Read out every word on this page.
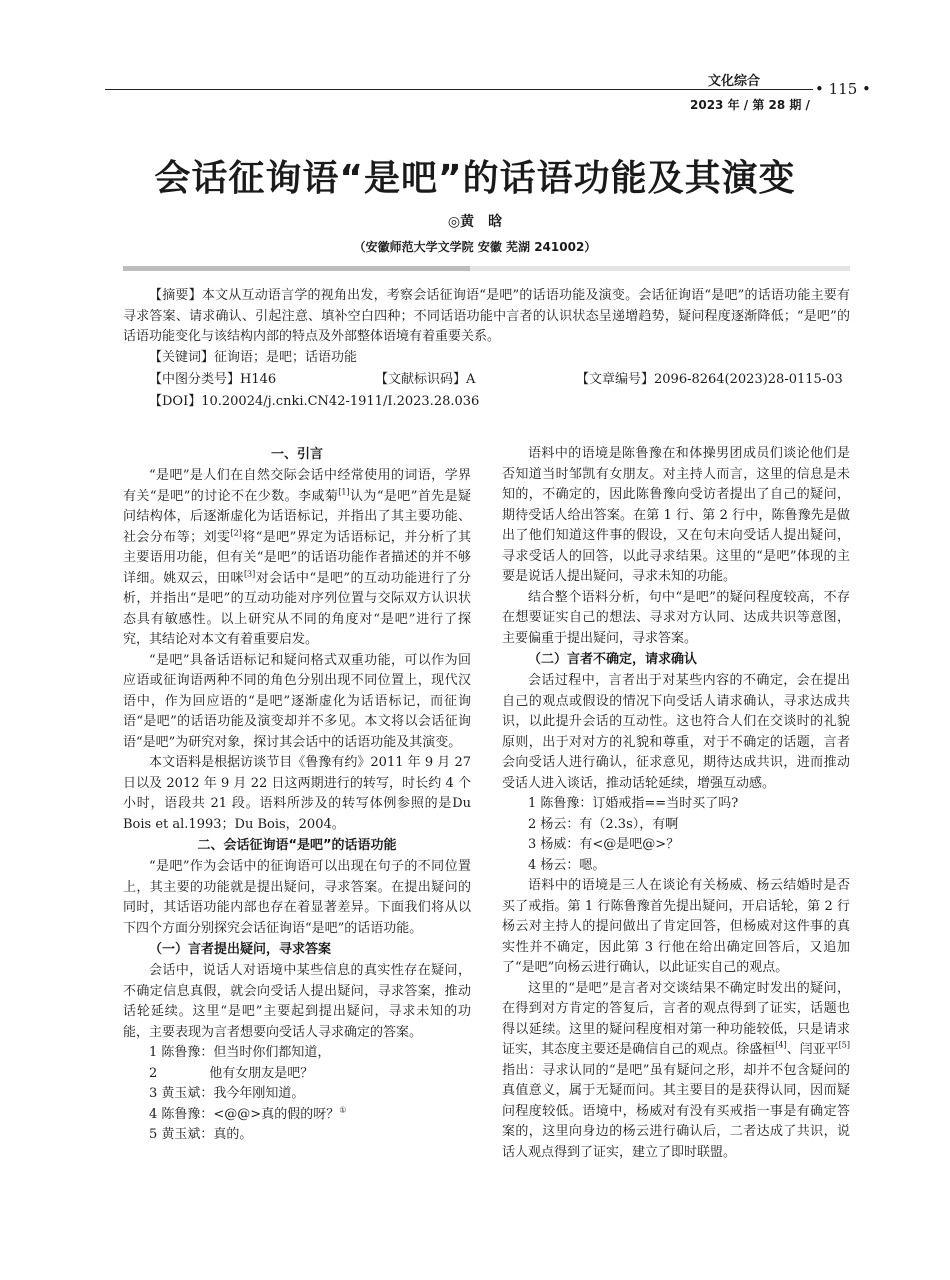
文化综合	• 115 •
2023 年 / 第 28 期 /
会话征询语“是吧”的话语功能及其演变
◎黄　晗
（安徽师范大学文学院 安徽 芜湖 241002）

【摘要】本文从互动语言学的视角出发，考察会话征询语“是吧”的话语功能及演变。会话征询语“是吧”的话语功能主要有寻求答案、请求确认、引起注意、填补空白四种；不同话语功能中言者的认识状态呈递增趋势，疑问程度逐渐降低；“是吧”的话语功能变化与该结构内部的特点及外部整体语境有着重要关系。

【关键词】征询语；是吧；话语功能
【中图分类号】H146	【文献标识码】A	【文章编号】2096-8264(2023)28-0115-03
【DOI】10.20024/j.cnki.CN42-1911/I.2023.28.036
一、引言

“是吧”是人们在自然交际会话中经常使用的词语，学界有关“是吧”的讨论不在少数。李咸菊[1]认为“是吧”首先是疑问结构体，后逐渐虚化为话语标记，并指出了其主要功能、社会分布等；刘雯[2]将“是吧”界定为话语标记，并分析了其主要语用功能，但有关“是吧”的话语功能作者描述的并不够详细。姚双云，田咪[3]对会话中“是吧”的互动功能进行了分析，并指出“是吧”的互动功能对序列位置与交际双方认识状态具有敏感性。以上研究从不同的角度对“是吧”进行了探究，其结论对本文有着重要启发。

“是吧”具备话语标记和疑问格式双重功能，可以作为回应语或征询语两种不同的角色分别出现不同位置上，现代汉语中，作为回应语的“是吧”逐渐虚化为话语标记，而征询语“是吧”的话语功能及演变却并不多见。本文将以会话征询语“是吧”为研究对象，探讨其会话中的话语功能及其演变。

本文语料是根据访谈节目《鲁豫有约》2011 年 9 月 27 日以及 2012 年 9 月 22 日这两期进行的转写，时长约 4 个小时，语段共 21 段。语料所涉及的转写体例参照的是Du Bois et al.1993；Du Bois，2004。

二、会话征询语“是吧”的话语功能

“是吧”作为会话中的征询语可以出现在句子的不同位置上，其主要的功能就是提出疑问，寻求答案。在提出疑问的同时，其话语功能内部也存在着显著差异。下面我们将从以下四个方面分别探究会话征询语“是吧”的话语功能。

（一）言者提出疑问，寻求答案

会话中，说话人对语境中某些信息的真实性存在疑问，不确定信息真假，就会向受话人提出疑问，寻求答案，推动话轮延续。这里“是吧”主要起到提出疑问，寻求未知的功能，主要表现为言者想要向受话人寻求确定的答案。

1 陈鲁豫：但当时你们都知道，

2　　　　他有女朋友是吧？

3 黄玉斌：我今年刚知道。

4 陈鲁豫：<@@>真的假的呀？①

5 黄玉斌：真的。

语料中的语境是陈鲁豫在和体操男团成员们谈论他们是否知道当时邹凯有女朋友。对主持人而言，这里的信息是未知的，不确定的，因此陈鲁豫向受访者提出了自己的疑问，期待受话人给出答案。在第 1 行、第 2 行中，陈鲁豫先是做出了他们知道这件事的假设，又在句末向受话人提出疑问，寻求受话人的回答，以此寻求结果。这里的“是吧”体现的主要是说话人提出疑问，寻求未知的功能。

结合整个语料分析，句中“是吧”的疑问程度较高，不存在想要证实自己的想法、寻求对方认同、达成共识等意图，主要偏重于提出疑问，寻求答案。

（二）言者不确定，请求确认

会话过程中，言者出于对某些内容的不确定，会在提出自己的观点或假设的情况下向受话人请求确认，寻求达成共识，以此提升会话的互动性。这也符合人们在交谈时的礼貌原则，出于对对方的礼貌和尊重，对于不确定的话题，言者会向受话人进行确认，征求意见，期待达成共识，进而推动受话人进入谈话，推动话轮延续，增强互动感。

1 陈鲁豫：订婚戒指==当时买了吗?

2 杨云：有（2.3s），有啊

3 杨威：有<@是吧@>？

4 杨云：嗯。

语料中的语境是三人在谈论有关杨威、杨云结婚时是否买了戒指。第 1 行陈鲁豫首先提出疑问，开启话轮，第 2 行杨云对主持人的提问做出了肯定回答，但杨威对这件事的真实性并不确定，因此第 3 行他在给出确定回答后，又追加了“是吧”向杨云进行确认，以此证实自己的观点。

这里的“是吧”是言者对交谈结果不确定时发出的疑问，在得到对方肯定的答复后，言者的观点得到了证实，话题也得以延续。这里的疑问程度相对第一种功能较低，只是请求证实，其态度主要还是确信自己的观点。徐盛桓[4]、闫亚平[5]指出：寻求认同的“是吧”虽有疑问之形，却并不包含疑问的真值意义，属于无疑而问。其主要目的是获得认同，因而疑问程度较低。语境中，杨威对有没有买戒指一事是有确定答案的，这里向身边的杨云进行确认后，二者达成了共识，说话人观点得到了证实，建立了即时联盟。
